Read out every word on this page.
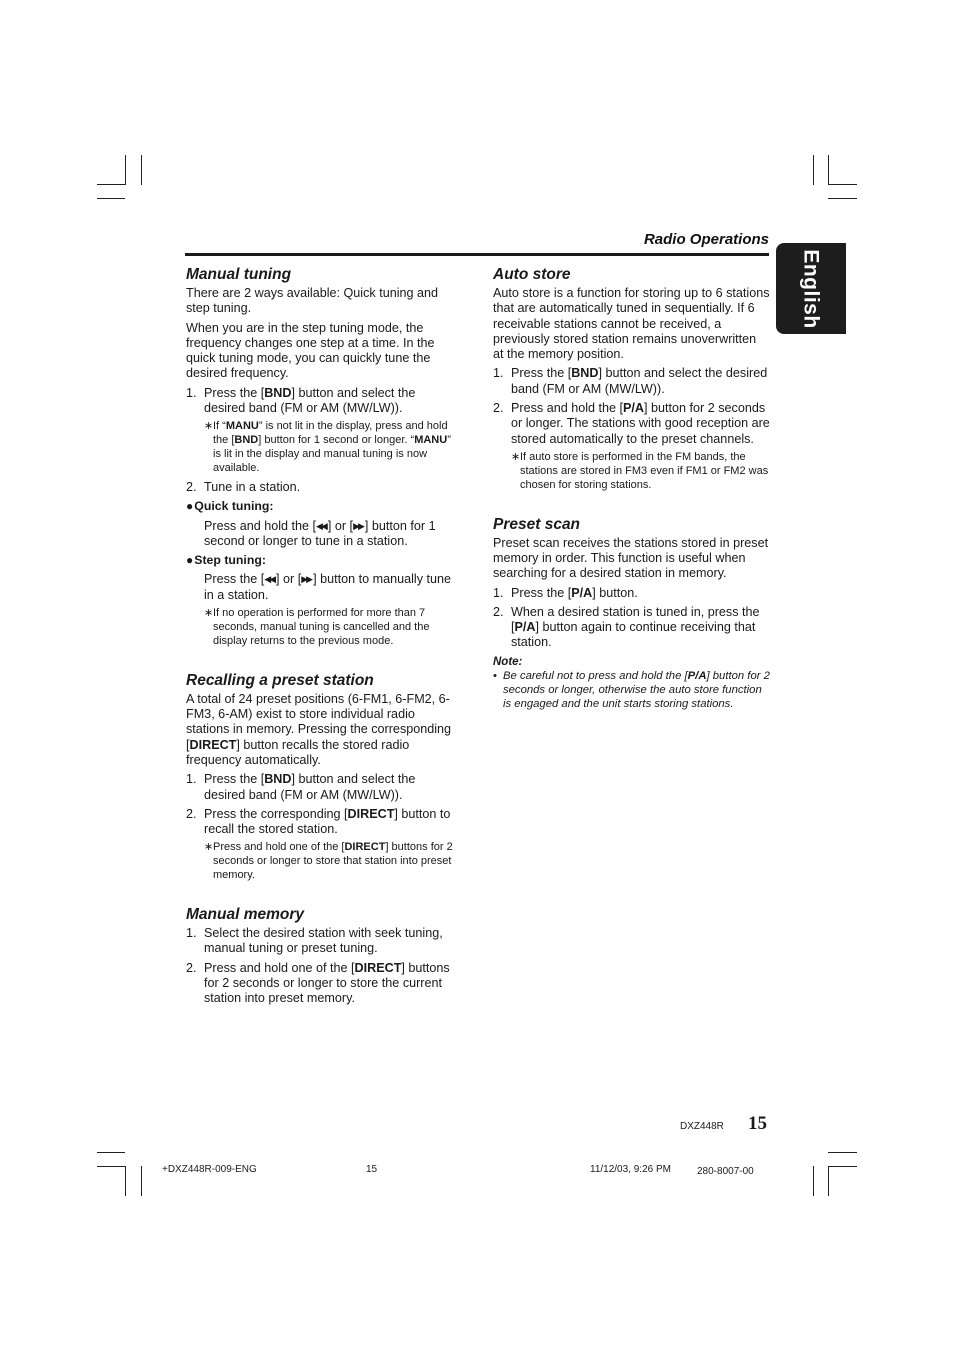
Radio Operations
English
Manual tuning

There are 2 ways available: Quick tuning and step tuning.

When you are in the step tuning mode, the frequency changes one step at a time. In the quick tuning mode, you can quickly tune the desired frequency.

1. Press the [BND] button and select the desired band (FM or AM (MW/LW)).
∗ If “MANU” is not lit in the display, press and hold the [BND] button for 1 second or longer. “MANU” is lit in the display and manual tuning is now available.
2. Tune in a station.
●Quick tuning:
Press and hold the [◀◀ ] or [▶▶ ] button for 1 second or longer to tune in a station.
●Step tuning:
Press the [◀◀ ] or [▶▶ ] button to manually tune in a station.
∗ If no operation is performed for more than 7 seconds, manual tuning is cancelled and the display returns to the previous mode.
Recalling a preset station

A total of 24 preset positions (6-FM1, 6-FM2, 6-FM3, 6-AM) exist to store individual radio stations in memory. Pressing the corresponding [DIRECT] button recalls the stored radio frequency automatically.

1. Press the [BND] button and select the desired band (FM or AM (MW/LW)).
2. Press the corresponding [DIRECT] button to recall the stored station.
∗ Press and hold one of the [DIRECT] buttons for 2 seconds or longer to store that station into preset memory.
Manual memory
1. Select the desired station with seek tuning, manual tuning or preset tuning.
2. Press and hold one of the [DIRECT] buttons for 2 seconds or longer to store the current station into preset memory.
Auto store

Auto store is a function for storing up to 6 stations that are automatically tuned in sequentially. If 6 receivable stations cannot be received, a previously stored station remains unoverwritten at the memory position.

1. Press the [BND] button and select the desired band (FM or AM (MW/LW)).
2. Press and hold the [P/A] button for 2 seconds or longer. The stations with good reception are stored automatically to the preset channels.
∗ If auto store is performed in the FM bands, the stations are stored in FM3 even if FM1 or FM2 was chosen for storing stations.
Preset scan

Preset scan receives the stations stored in preset memory in order. This function is useful when searching for a desired station in memory.

1. Press the [P/A] button.
2. When a desired station is tuned in, press the [P/A] button again to continue receiving that station.
Note:
• Be careful not to press and hold the [P/A] button for 2 seconds or longer, otherwise the auto store function is engaged and the unit starts storing stations.
DXZ448R 15
+DXZ448R-009-ENG	15	11/12/03, 9:26 PM	280-8007-00
